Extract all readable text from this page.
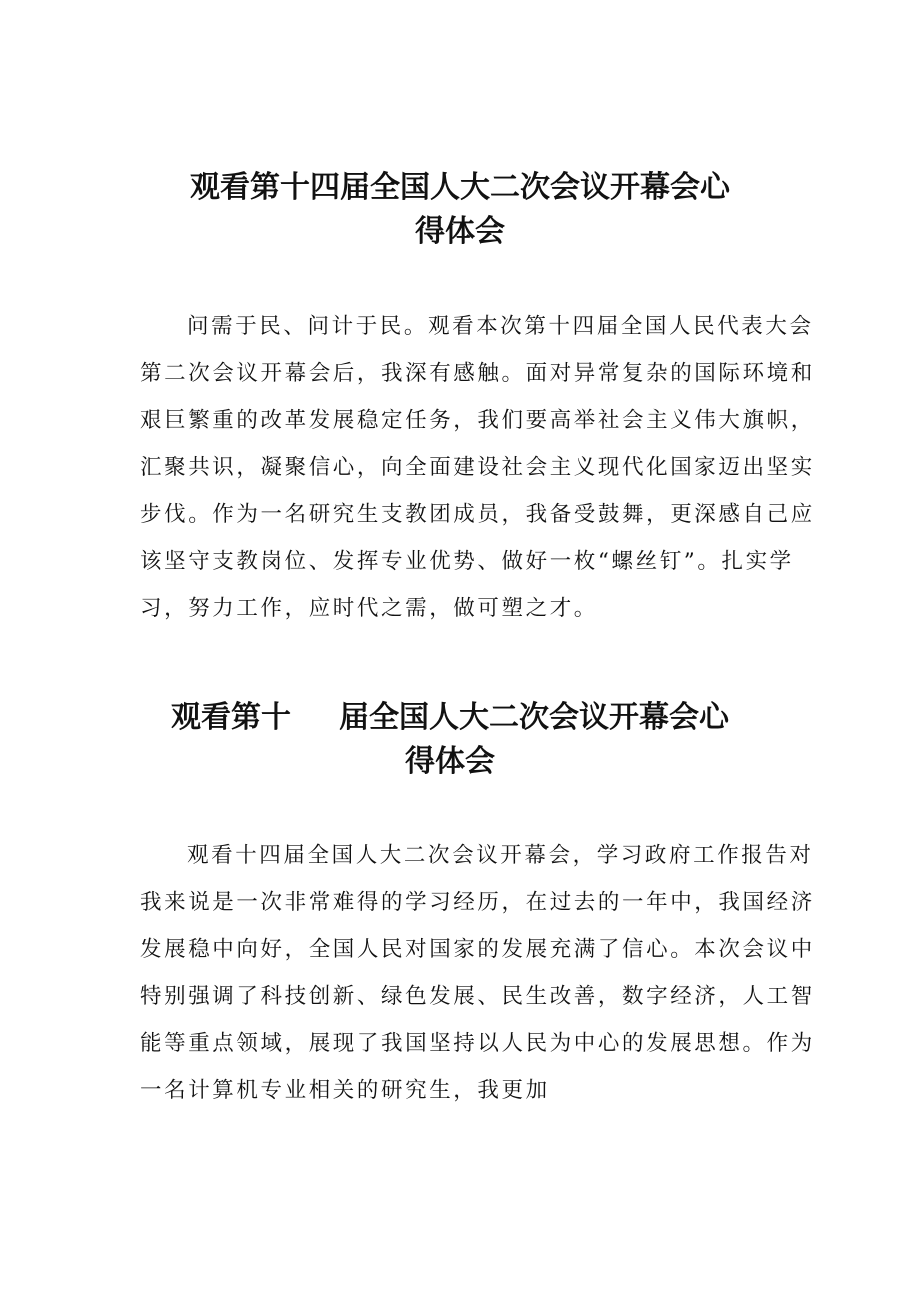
观看第十四届全国人大二次会议开幕会心
得体会
问需于民、问计于民。观看本次第十四届全国人民代表大会
第二次会议开幕会后，我深有感触。面对异常复杂的国际环境和
艰巨繁重的改革发展稳定任务，我们要高举社会主义伟大旗帜，
汇聚共识，凝聚信心，向全面建设社会主义现代化国家迈出坚实
步伐。作为一名研究生支教团成员，我备受鼓舞，更深感自己应
该坚守支教岗位、发挥专业优势、做好一枚“螺丝钉”。扎实学
习，努力工作，应时代之需，做可塑之才。
观看第十 届全国人大二次会议开幕会心
得体会
观看十四届全国人大二次会议开幕会，学习政府工作报告对
我来说是一次非常难得的学习经历，在过去的一年中，我国经济
发展稳中向好，全国人民对国家的发展充满了信心。本次会议中
特别强调了科技创新、绿色发展、民生改善，数字经济，人工智
能等重点领域，展现了我国坚持以人民为中心的发展思想。作为
一名计算机专业相关的研究生，我更加
